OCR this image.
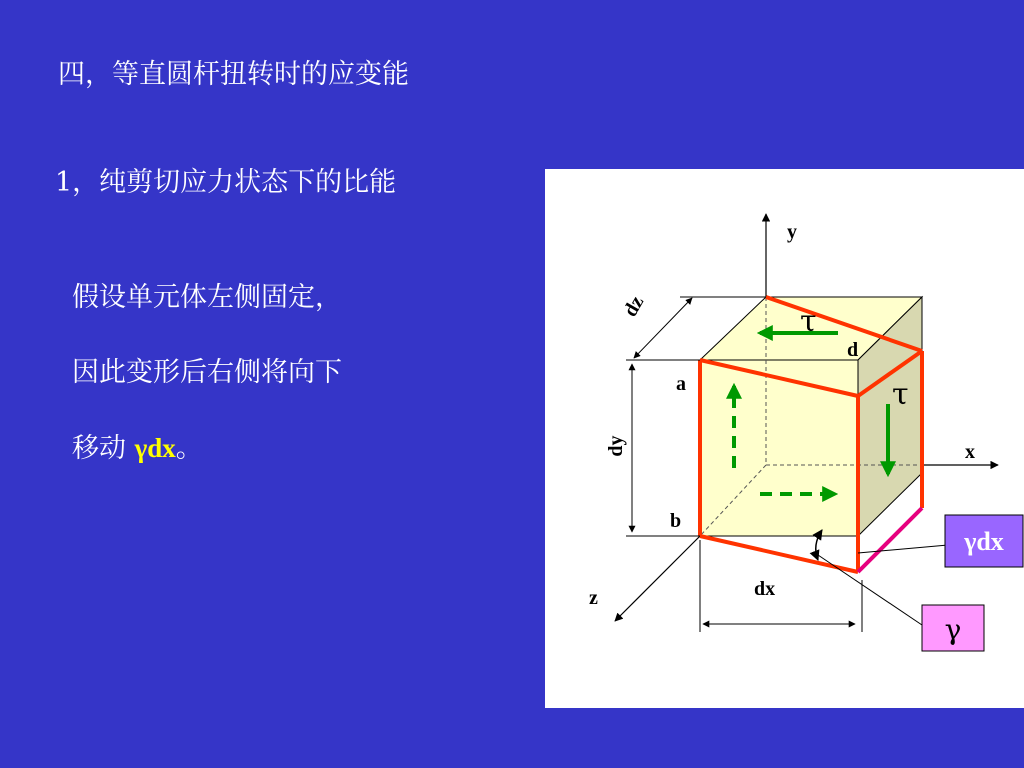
四，等直圆杆扭转时的应变能
1，纯剪切应力状态下的比能
假设单元体左侧固定，
因此变形后右侧将向下
移动 γdx。
y
x
z
dz
dy
dx
a
b
d
τ
τ
γdx
γ
